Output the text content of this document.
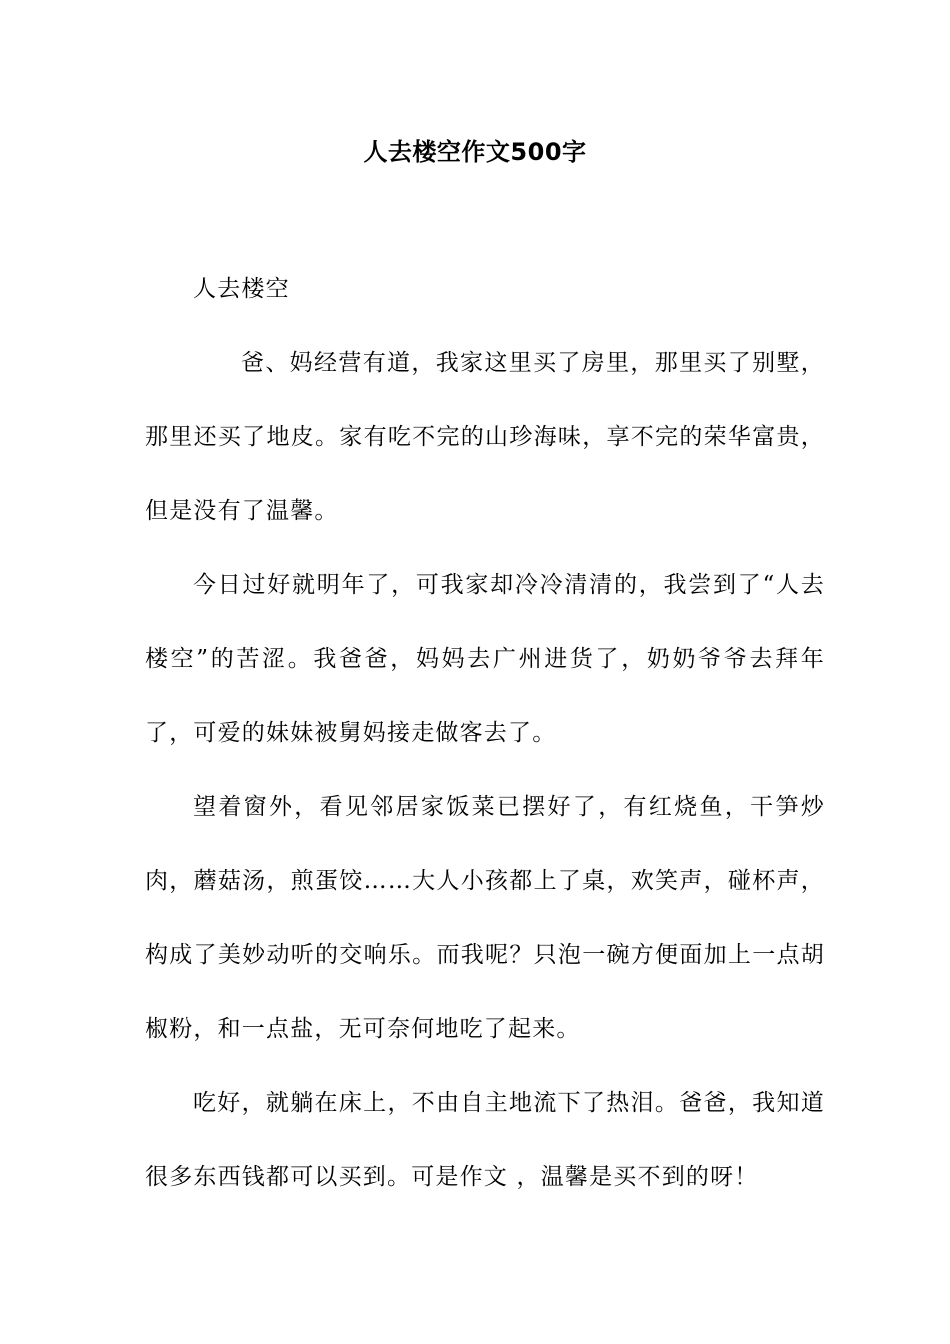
人去楼空作文500字

人去楼空

爸、妈经营有道，我家这里买了房里，那里买了别墅，那里还买了地皮。家有吃不完的山珍海味，享不完的荣华富贵，但是没有了温馨。

今日过好就明年了，可我家却冷冷清清的，我尝到了“人去楼空”的苦涩。我爸爸，妈妈去广州进货了，奶奶爷爷去拜年了，可爱的妹妹被舅妈接走做客去了。

望着窗外，看见邻居家饭菜已摆好了，有红烧鱼，干笋炒肉，蘑菇汤，煎蛋饺……大人小孩都上了桌，欢笑声，碰杯声，构成了美妙动听的交响乐。而我呢？只泡一碗方便面加上一点胡椒粉，和一点盐，无可奈何地吃了起来。

吃好，就躺在床上，不由自主地流下了热泪。爸爸，我知道很多东西钱都可以买到。可是作文 ，温馨是买不到的呀！
